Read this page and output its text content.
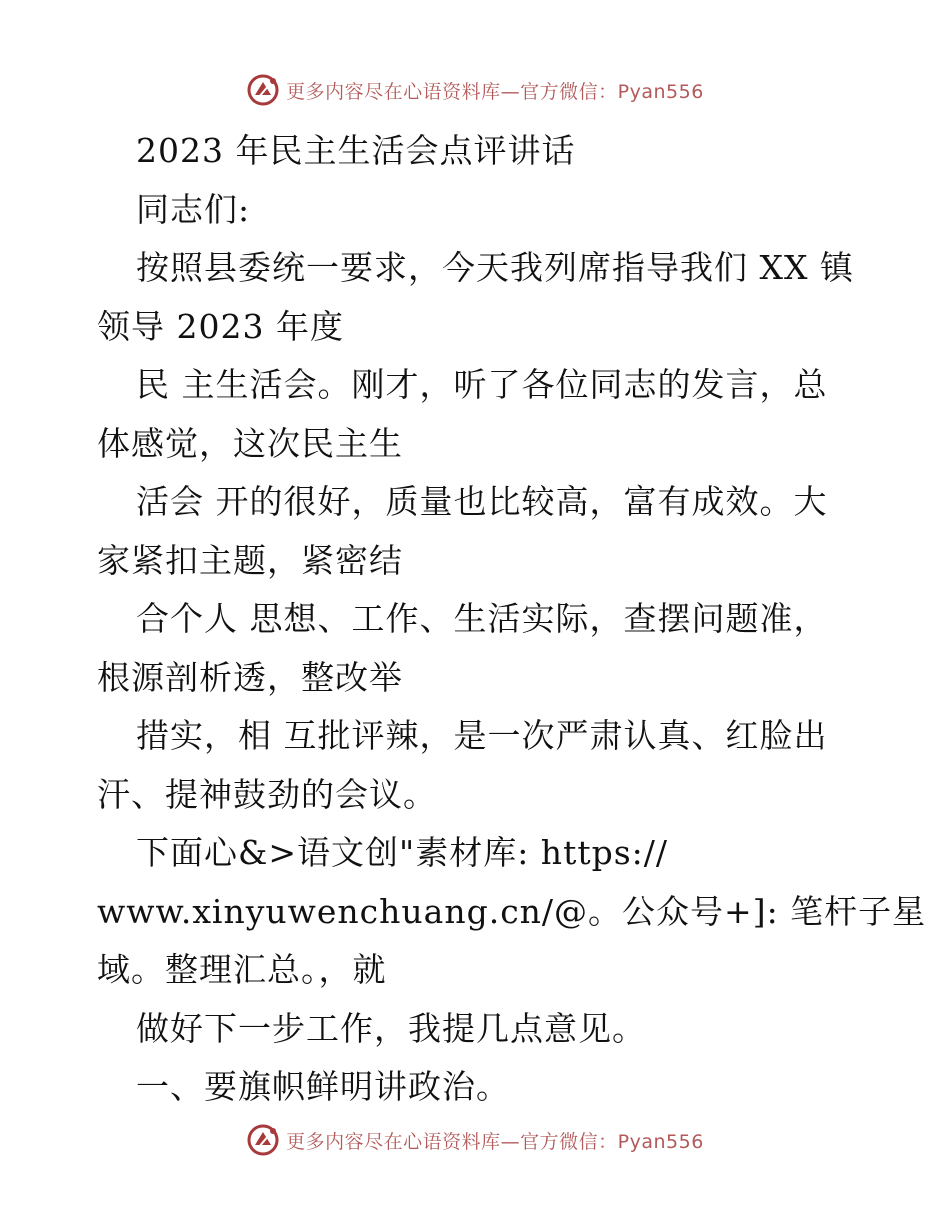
更多内容尽在心语资料库—官方微信：Pyan556

2023 年民主生活会点评讲话

同志们:

按照县委统一要求，今天我列席指导我们 XX 镇

领导 2023 年度

民 主生活会。刚才，听了各位同志的发言，总

体感觉，这次民主生

活会 开的很好，质量也比较高，富有成效。大

家紧扣主题，紧密结

合个人 思想、工作、生活实际，查摆问题准，

根源剖析透，整改举

措实，相 互批评辣，是一次严肃认真、红脸出

汗、提神鼓劲的会议。

下面心&>语文创"素材库: https://

www.xinyuwenchuang.cn/@。公众号+]: 笔杆子星

域。整理汇总。，就

做好下一步工作，我提几点意见。

一、要旗帜鲜明讲政治。

更多内容尽在心语资料库—官方微信：Pyan556
